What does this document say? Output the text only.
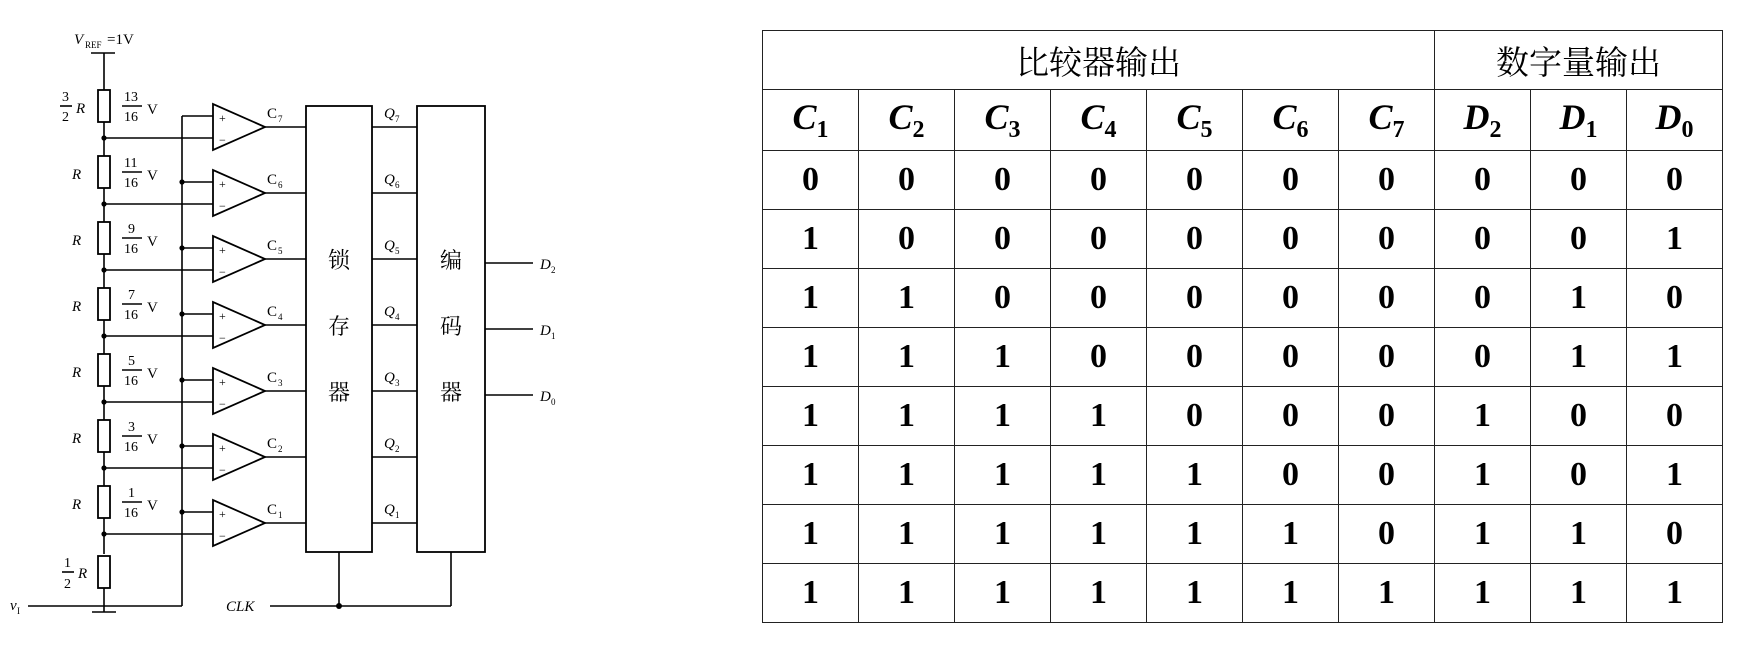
V REF =1V
3
2
R
R
R
R
R
R
R
1
2
R
13
16 V
11
16 V
9
16 V
7
16 V
5
16 V
3
16 V
1
16 V
v I
+
−
C 7
+
−
C 6
+
−
C 5
+
−
C 4
+
−
C 3
+
−
C 2
+
−
C 1
锁
存
器
Q 7
Q 6
Q 5
Q 4
Q 3
Q 2
Q 1
编
码
器
D 2
D 1
D 0
CLK
比较器输出							数字量输出		
$C_1$	$C_2$	$C_3$	$C_4$	$C_5$	$C_6$	$C_7$	$D_2$	$D_1$	$D_0$
0	0	0	0	0	0	0	0	0	0
1	0	0	0	0	0	0	0	0	1
1	1	0	0	0	0	0	0	1	0
1	1	1	0	0	0	0	0	1	1
1	1	1	1	0	0	0	1	0	0
1	1	1	1	1	0	0	1	0	1
1	1	1	1	1	1	0	1	1	0
1	1	1	1	1	1	1	1	1	1
